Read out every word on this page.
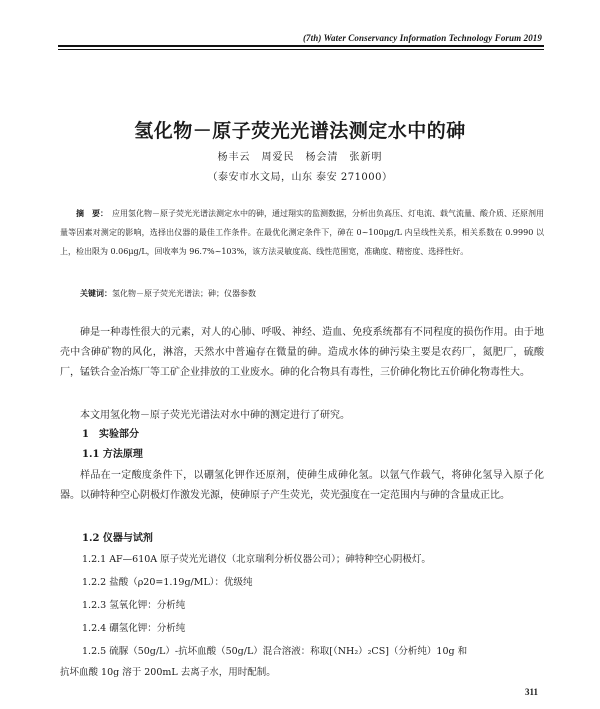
(7th) Water Conservancy Information Technology Forum 2019
氢化物－原子荧光光谱法测定水中的砷
杨丰云　周爱民　杨会清　张新明
（泰安市水文局，山东 泰安 271000）
摘　要： 应用氢化物－原子荧光光谱法测定水中的砷，通过翔实的监测数据，分析出负高压、灯电流、载气流量、酸介质、还原剂用量等因素对测定的影响，选择出仪器的最佳工作条件。在最优化测定条件下，砷在 0~100μg/L 内呈线性关系，相关系数在 0.9990 以上，检出限为 0.06μg/L，回收率为 96.7%~103%，该方法灵敏度高、线性范围宽，准确度、精密度、选择性好。
关键词：氢化物－原子荧光光谱法；砷；仪器参数

砷是一种毒性很大的元素，对人的心肺、呼吸、神经、造血、免疫系统都有不同程度的损伤作用。由于地壳中含砷矿物的风化，淋溶，天然水中普遍存在微量的砷。造成水体的砷污染主要是农药厂，氮肥厂，硫酸厂，锰铁合金冶炼厂等工矿企业排放的工业废水。砷的化合物具有毒性，三价砷化物比五价砷化物毒性大。

本文用氢化物－原子荧光光谱法对水中砷的测定进行了研究。

1　实验部分
1.1 方法原理

样品在一定酸度条件下，以硼氢化钾作还原剂，使砷生成砷化氢。以氩气作载气，将砷化氢导入原子化器。以砷特种空心阴极灯作激发光源，使砷原子产生荧光，荧光强度在一定范围内与砷的含量成正比。

1.2 仪器与试剂
1.2.1 AF—610A 原子荧光光谱仪（北京瑞利分析仪器公司）；砷特种空心阴极灯。
1.2.2 盐酸（ρ20=1.19g/ML）：优级纯
1.2.3 氢氧化钾：分析纯
1.2.4 硼氢化钾：分析纯
1.2.5 硫脲（50g/L）-抗坏血酸（50g/L）混合溶液：称取[（NH₂）₂CS]（分析纯）10g 和
抗坏血酸 10g 溶于 200mL 去离子水，用时配制。
311
